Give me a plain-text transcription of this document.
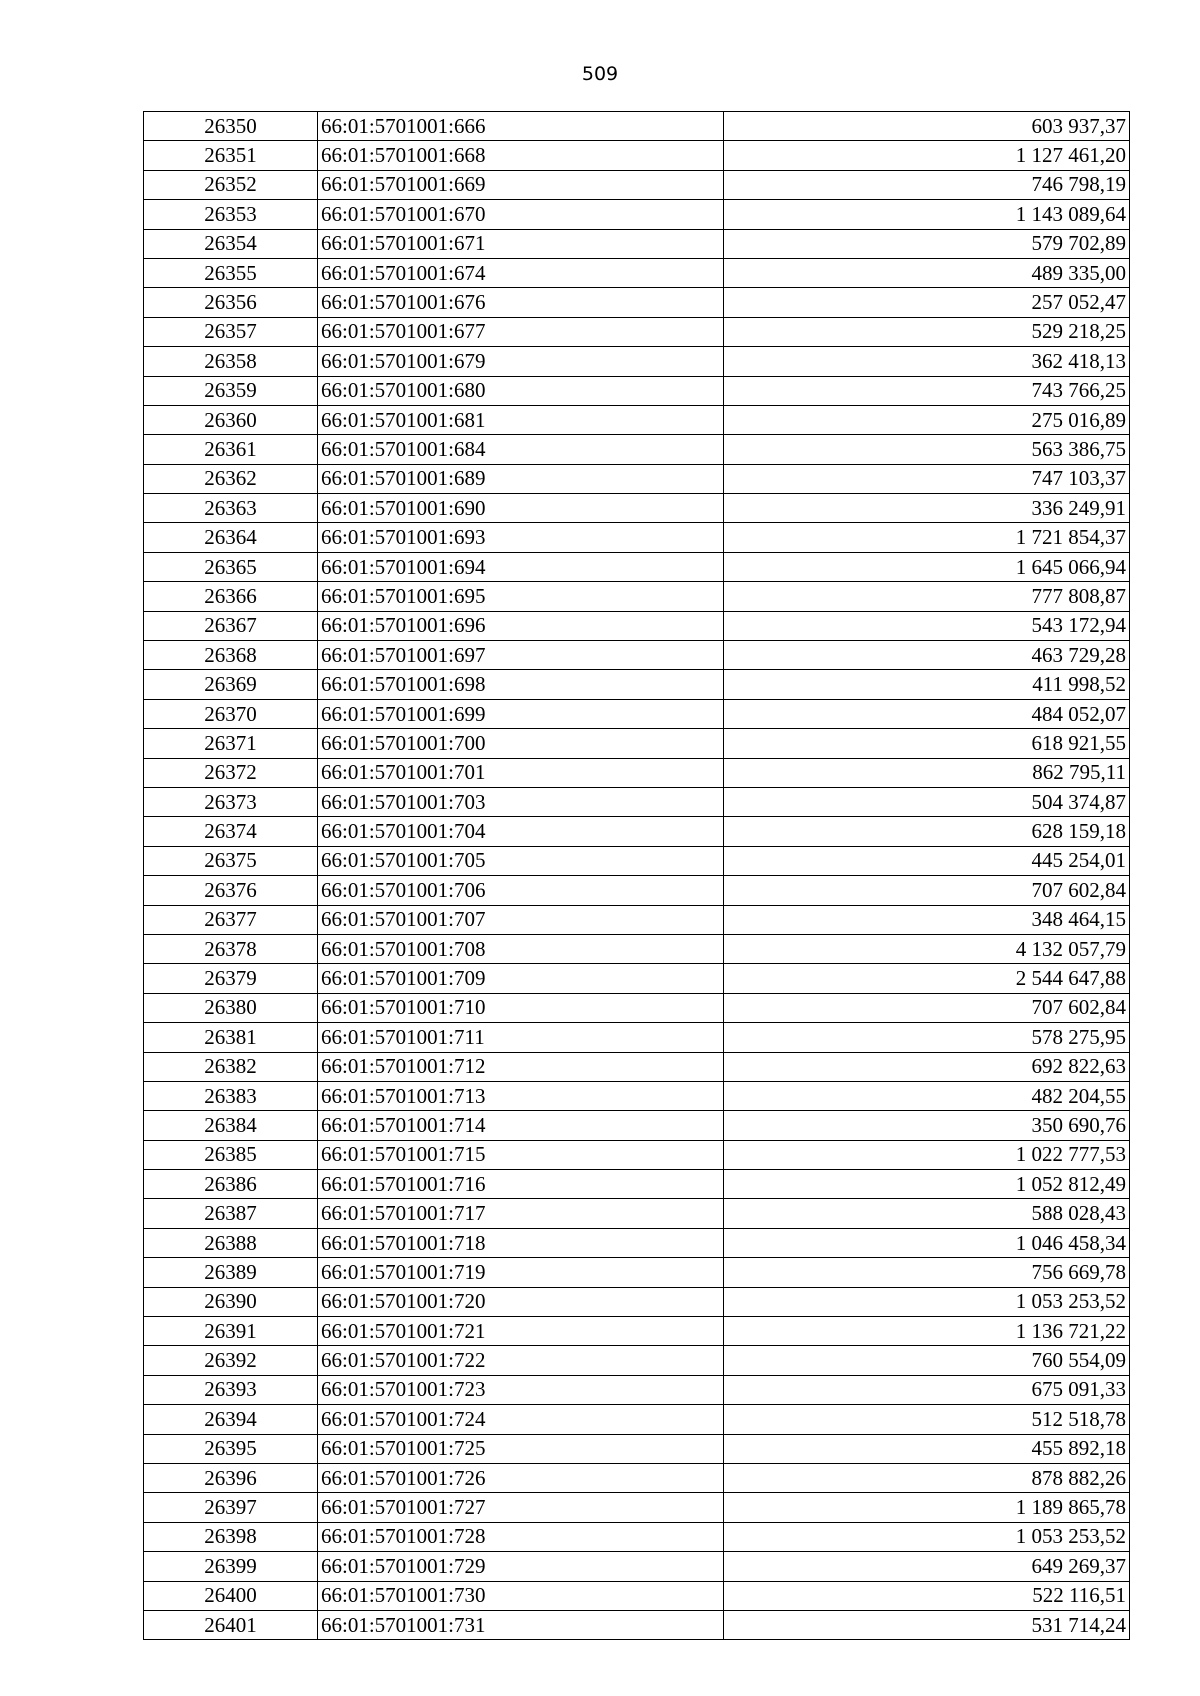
509
26350	66:01:5701001:666	603 937,37
26351	66:01:5701001:668	1 127 461,20
26352	66:01:5701001:669	746 798,19
26353	66:01:5701001:670	1 143 089,64
26354	66:01:5701001:671	579 702,89
26355	66:01:5701001:674	489 335,00
26356	66:01:5701001:676	257 052,47
26357	66:01:5701001:677	529 218,25
26358	66:01:5701001:679	362 418,13
26359	66:01:5701001:680	743 766,25
26360	66:01:5701001:681	275 016,89
26361	66:01:5701001:684	563 386,75
26362	66:01:5701001:689	747 103,37
26363	66:01:5701001:690	336 249,91
26364	66:01:5701001:693	1 721 854,37
26365	66:01:5701001:694	1 645 066,94
26366	66:01:5701001:695	777 808,87
26367	66:01:5701001:696	543 172,94
26368	66:01:5701001:697	463 729,28
26369	66:01:5701001:698	411 998,52
26370	66:01:5701001:699	484 052,07
26371	66:01:5701001:700	618 921,55
26372	66:01:5701001:701	862 795,11
26373	66:01:5701001:703	504 374,87
26374	66:01:5701001:704	628 159,18
26375	66:01:5701001:705	445 254,01
26376	66:01:5701001:706	707 602,84
26377	66:01:5701001:707	348 464,15
26378	66:01:5701001:708	4 132 057,79
26379	66:01:5701001:709	2 544 647,88
26380	66:01:5701001:710	707 602,84
26381	66:01:5701001:711	578 275,95
26382	66:01:5701001:712	692 822,63
26383	66:01:5701001:713	482 204,55
26384	66:01:5701001:714	350 690,76
26385	66:01:5701001:715	1 022 777,53
26386	66:01:5701001:716	1 052 812,49
26387	66:01:5701001:717	588 028,43
26388	66:01:5701001:718	1 046 458,34
26389	66:01:5701001:719	756 669,78
26390	66:01:5701001:720	1 053 253,52
26391	66:01:5701001:721	1 136 721,22
26392	66:01:5701001:722	760 554,09
26393	66:01:5701001:723	675 091,33
26394	66:01:5701001:724	512 518,78
26395	66:01:5701001:725	455 892,18
26396	66:01:5701001:726	878 882,26
26397	66:01:5701001:727	1 189 865,78
26398	66:01:5701001:728	1 053 253,52
26399	66:01:5701001:729	649 269,37
26400	66:01:5701001:730	522 116,51
26401	66:01:5701001:731	531 714,24
